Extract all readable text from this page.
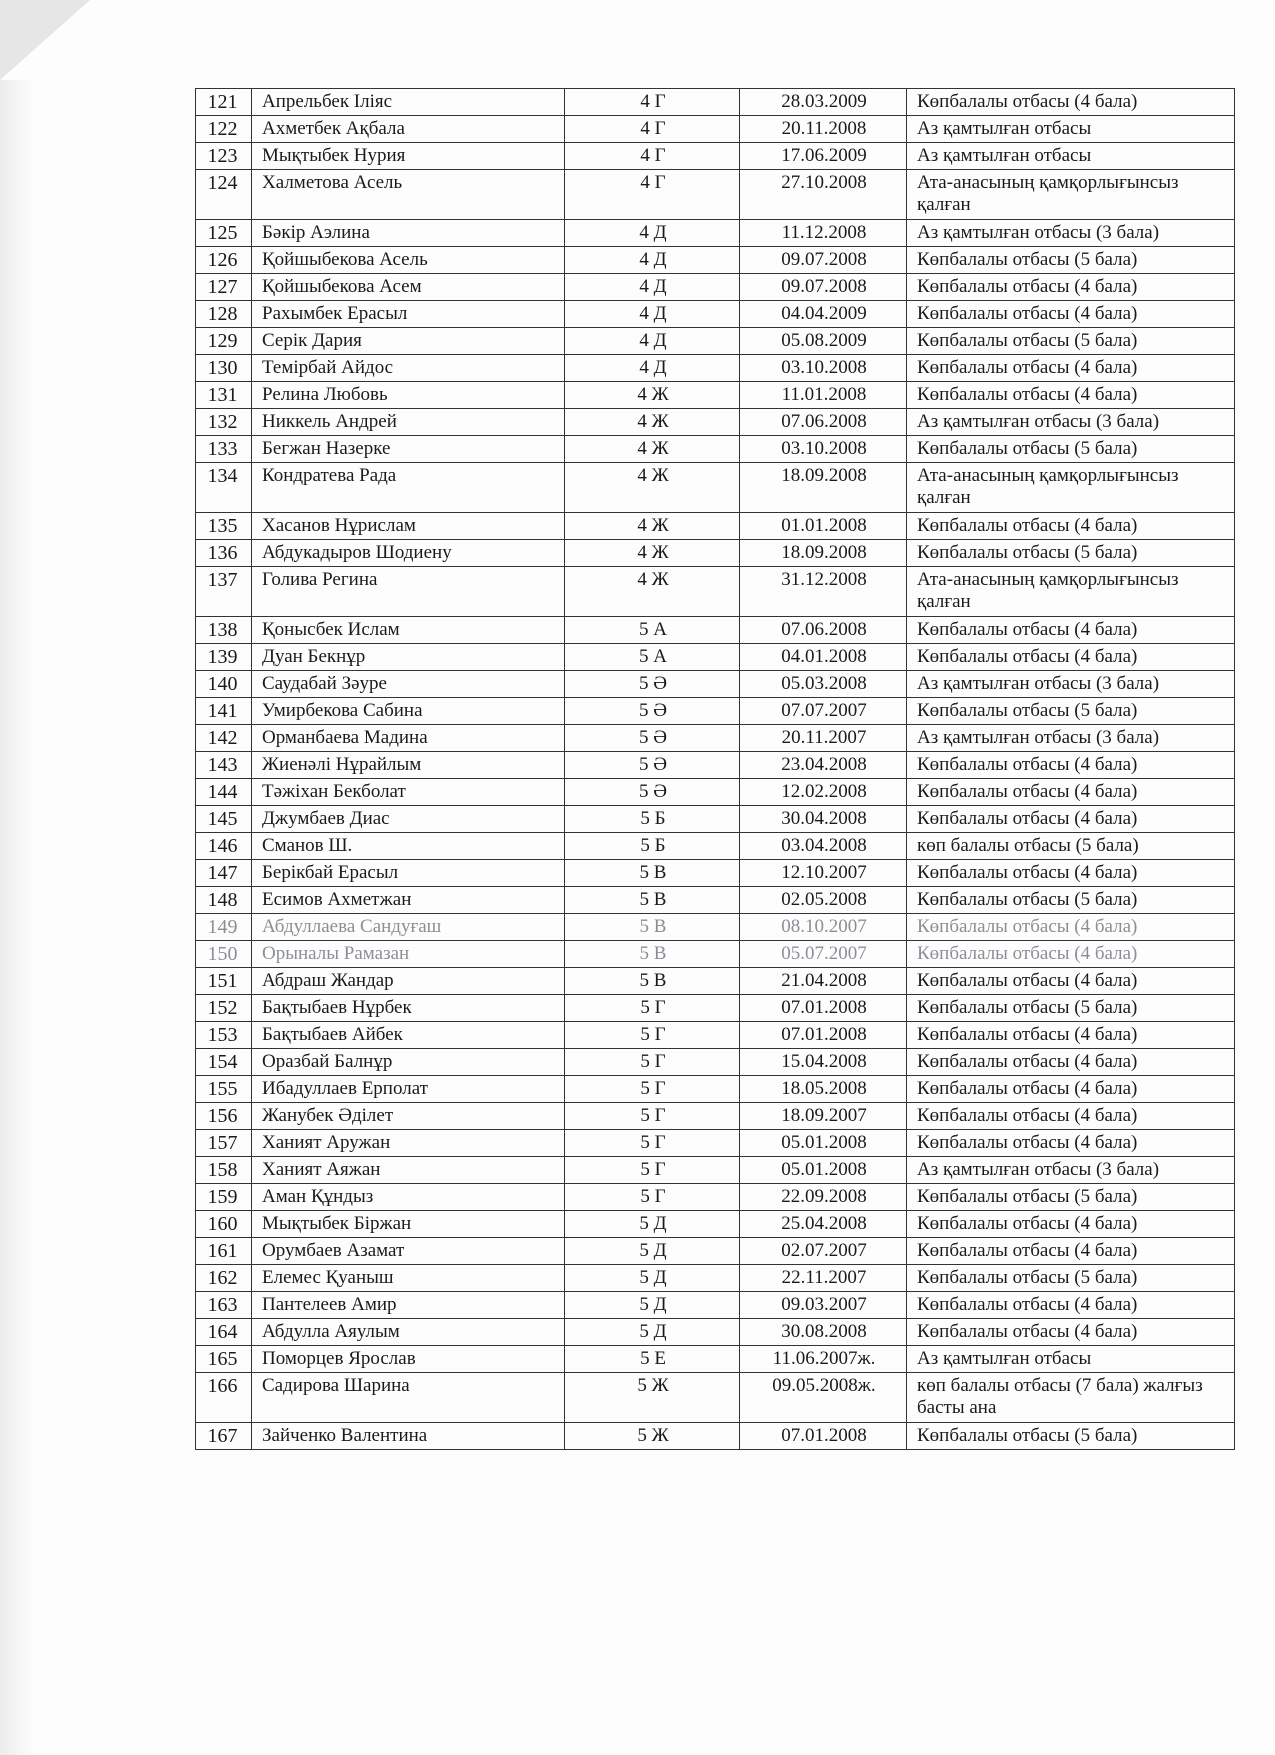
121	Апрельбек Іліяс	4 Г	28.03.2009	Көпбалалы отбасы (4 бала)
122	Ахметбек Ақбала	4 Г	20.11.2008	Аз қамтылған отбасы
123	Мықтыбек Нурия	4 Г	17.06.2009	Аз қамтылған отбасы
124	Халметова Асель	4 Г	27.10.2008	Ата-анасының қамқорлығынсыз қалған
125	Бәкір Аэлина	4 Д	11.12.2008	Аз қамтылған отбасы (3 бала)
126	Қойшыбекова Асель	4 Д	09.07.2008	Көпбалалы отбасы (5 бала)
127	Қойшыбекова Асем	4 Д	09.07.2008	Көпбалалы отбасы (4 бала)
128	Рахымбек Ерасыл	4 Д	04.04.2009	Көпбалалы отбасы (4 бала)
129	Серік Дария	4 Д	05.08.2009	Көпбалалы отбасы (5 бала)
130	Темірбай Айдос	4 Д	03.10.2008	Көпбалалы отбасы (4 бала)
131	Релина Любовь	4 Ж	11.01.2008	Көпбалалы отбасы (4 бала)
132	Никкель Андрей	4 Ж	07.06.2008	Аз қамтылған отбасы (3 бала)
133	Бегжан Назерке	4 Ж	03.10.2008	Көпбалалы отбасы (5 бала)
134	Кондратева Рада	4 Ж	18.09.2008	Ата-анасының қамқорлығынсыз қалған
135	Хасанов Нұрислам	4 Ж	01.01.2008	Көпбалалы отбасы (4 бала)
136	Абдукадыров Шодиену	4 Ж	18.09.2008	Көпбалалы отбасы (5 бала)
137	Голива Регина	4 Ж	31.12.2008	Ата-анасының қамқорлығынсыз қалған
138	Қонысбек Ислам	5 А	07.06.2008	Көпбалалы отбасы (4 бала)
139	Дуан Бекнұр	5 А	04.01.2008	Көпбалалы отбасы (4 бала)
140	Саудабай Зәуре	5 Ә	05.03.2008	Аз қамтылған отбасы (3 бала)
141	Умирбекова Сабина	5 Ә	07.07.2007	Көпбалалы отбасы (5 бала)
142	Орманбаева Мадина	5 Ә	20.11.2007	Аз қамтылған отбасы (3 бала)
143	Жиенәлі Нұрайлым	5 Ә	23.04.2008	Көпбалалы отбасы (4 бала)
144	Тәжіхан Бекболат	5 Ә	12.02.2008	Көпбалалы отбасы (4 бала)
145	Джумбаев Диас	5 Б	30.04.2008	Көпбалалы отбасы (4 бала)
146	Сманов Ш.	5 Б	03.04.2008	көп балалы отбасы (5 бала)
147	Берікбай Ерасыл	5 В	12.10.2007	Көпбалалы отбасы (4 бала)
148	Есимов Ахметжан	5 В	02.05.2008	Көпбалалы отбасы (5 бала)
149	Абдуллаева Сандуғаш	5 В	08.10.2007	Көпбалалы отбасы (4 бала)
150	Орыналы Рамазан	5 В	05.07.2007	Көпбалалы отбасы (4 бала)
151	Абдраш Жандар	5 В	21.04.2008	Көпбалалы отбасы (4 бала)
152	Бақтыбаев Нұрбек	5 Г	07.01.2008	Көпбалалы отбасы (5 бала)
153	Бақтыбаев Айбек	5 Г	07.01.2008	Көпбалалы отбасы (4 бала)
154	Оразбай Балнұр	5 Г	15.04.2008	Көпбалалы отбасы (4 бала)
155	Ибадуллаев Ерполат	5 Г	18.05.2008	Көпбалалы отбасы (4 бала)
156	Жанубек Әділет	5 Г	18.09.2007	Көпбалалы отбасы (4 бала)
157	Ханият Аружан	5 Г	05.01.2008	Көпбалалы отбасы (4 бала)
158	Ханият Аяжан	5 Г	05.01.2008	Аз қамтылған отбасы (3 бала)
159	Аман Құндыз	5 Г	22.09.2008	Көпбалалы отбасы (5 бала)
160	Мықтыбек Біржан	5 Д	25.04.2008	Көпбалалы отбасы (4 бала)
161	Орумбаев Азамат	5 Д	02.07.2007	Көпбалалы отбасы (4 бала)
162	Елемес Қуаныш	5 Д	22.11.2007	Көпбалалы отбасы (5 бала)
163	Пантелеев Амир	5 Д	09.03.2007	Көпбалалы отбасы (4 бала)
164	Абдулла Аяулым	5 Д	30.08.2008	Көпбалалы отбасы (4 бала)
165	Поморцев Ярослав	5 Е	11.06.2007ж.	Аз қамтылған отбасы
166	Садирова Шарина	5 Ж	09.05.2008ж.	көп балалы отбасы (7 бала) жалғыз басты ана
167	Зайченко Валентина	5 Ж	07.01.2008	Көпбалалы отбасы (5 бала)
